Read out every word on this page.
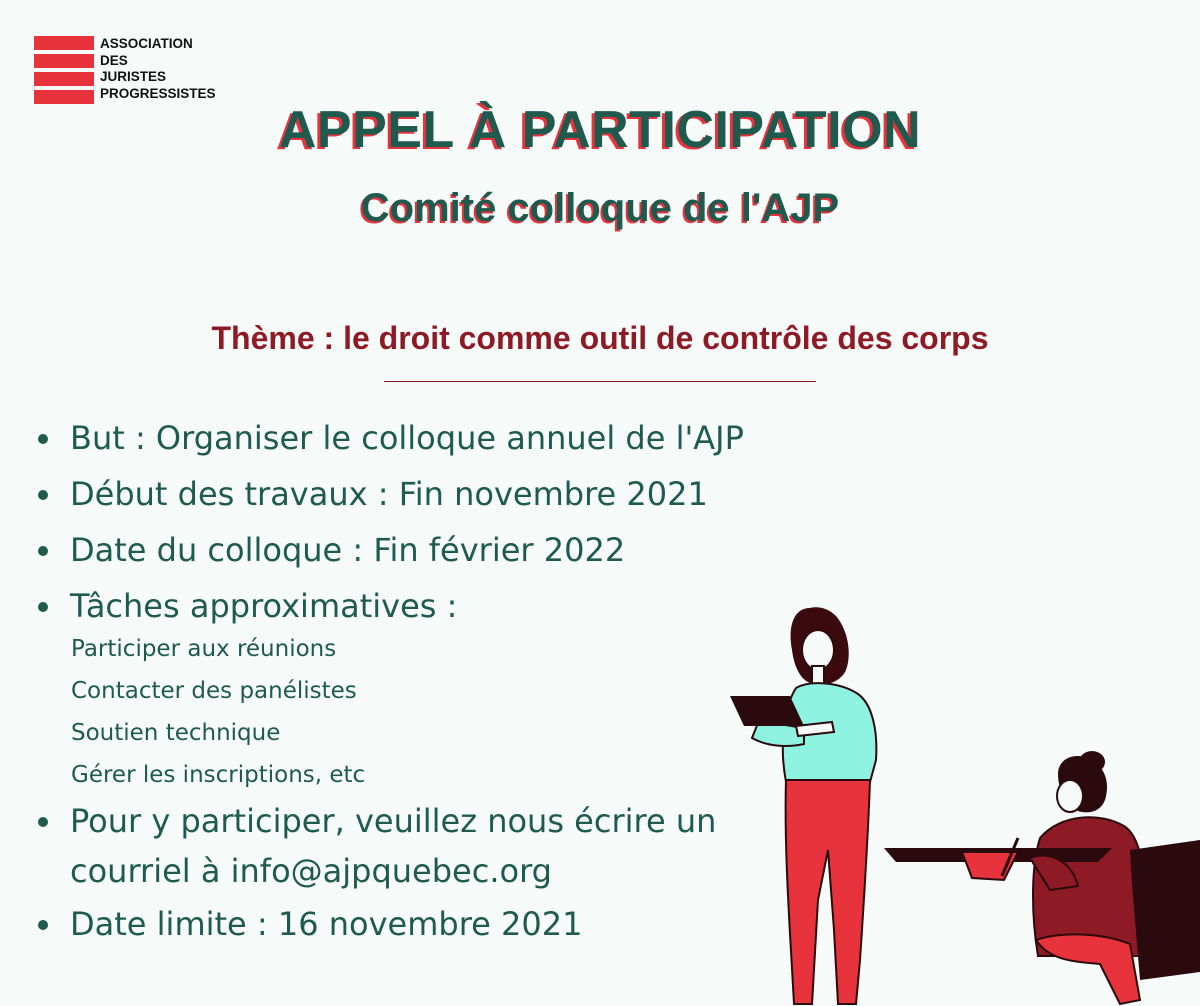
ASSOCIATION
DES
JURISTES
PROGRESSISTES
APPEL À PARTICIPATION
Comité colloque de l'AJP
Thème : le droit comme outil de contrôle des corps
But : Organiser le colloque annuel de l'AJP
Début des travaux : Fin novembre 2021
Date du colloque : Fin février 2022
Tâches approximatives :
Participer aux réunions
Contacter des panélistes
Soutien technique
Gérer les inscriptions, etc
Pour y participer, veuillez nous écrire un
courriel à info@ajpquebec.org
Date limite : 16 novembre 2021
